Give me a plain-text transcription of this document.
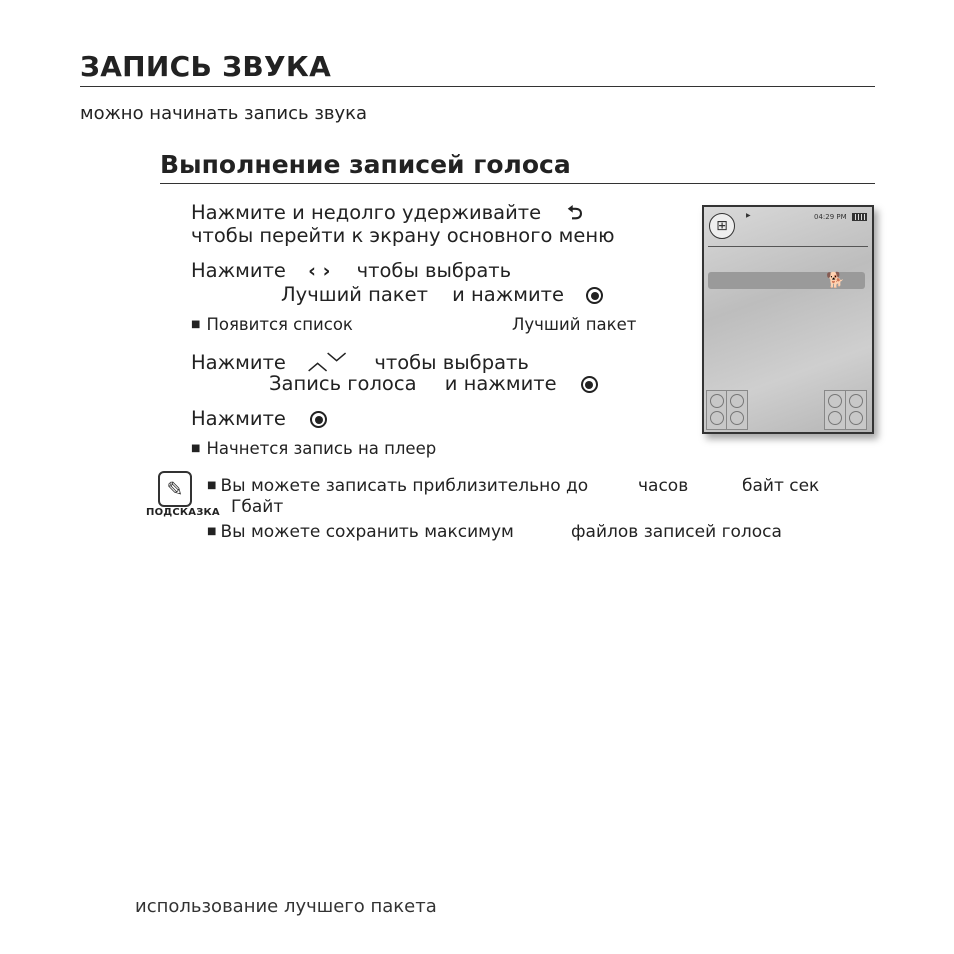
ЗАПИСЬ ЗВУКА
можно начинать запись звука
Выполнение записей голоса
Нажмите и недолго удерживайте ⮌
чтобы перейти к экрану основного меню
Нажмите ‹ › чтобы выбрать
Лучший пакет и нажмите
■ Появится список	Лучший пакет
Нажмите ︿﹀ чтобы выбрать
Запись голоса и нажмите
Нажмите
■ Начнется запись на плеер
⊞
▶	04:29 PM
🐕
✎
ПОДСКАЗКА
■ Вы можете записать приблизительно до	часов	байт сек
Гбайт
■ Вы можете сохранить максимум	файлов записей голоса
использование лучшего пакета
